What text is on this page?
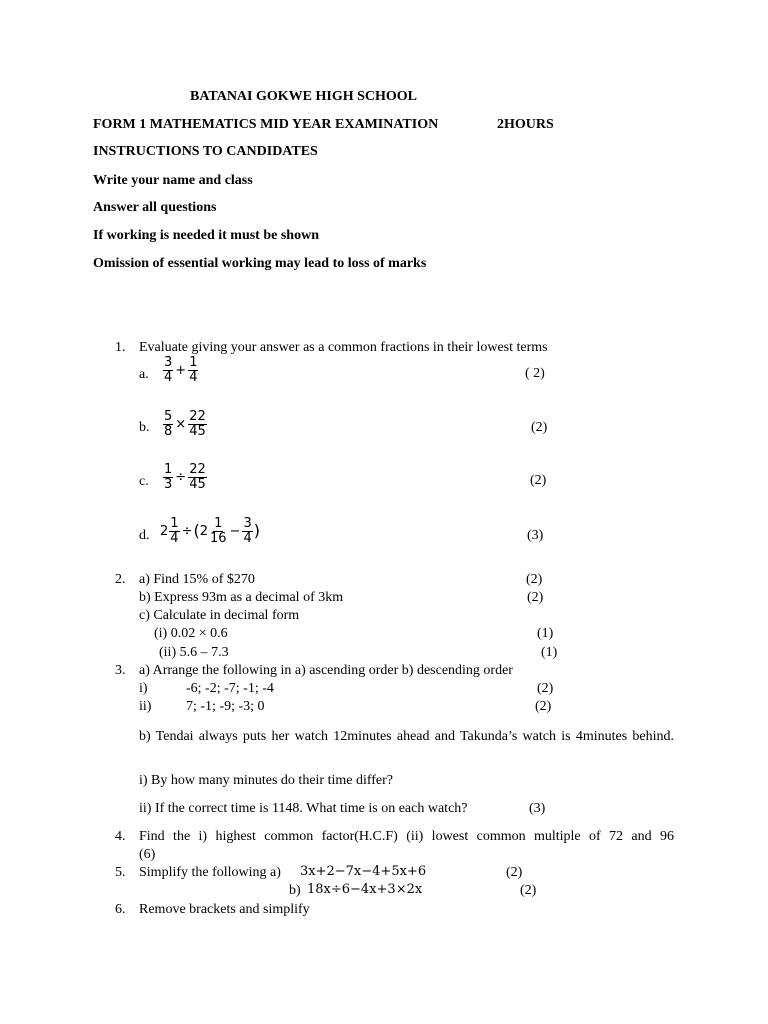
BATANAI GOKWE HIGH SCHOOL
FORM 1 MATHEMATICS MID YEAR EXAMINATION	2HOURS
INSTRUCTIONS TO CANDIDATES
Write your name and class
Answer all questions
If working is needed it must be shown
Omission of essential working may lead to loss of marks
1. Evaluate giving your answer as a common fractions in their lowest terms
a. $\frac{3}{4} + \frac{1}{4}$	( 2)
b. $\frac{5}{8} \times \frac{22}{45}$	(2)
c. $\frac{1}{3} \div \frac{22}{45}$	(2)
d. $2 \frac{1}{4}$ ÷ ( $2 \frac{1}{16} - \frac{3}{4}$ )	(3)
2. a) Find 15% of $270	(2)
b) Express 93m as a decimal of 3km	(2)
c) Calculate in decimal form
(i) 0.02 × 0.6	(1)
(ii) 5.6 – 7.3	(1)
3. a) Arrange the following in a) ascending order b) descending order
i)	-6; -2; -7; -1; -4	(2)
ii) 7; -1; -9; -3; 0	(2)
b) Tendai always puts her watch 12minutes ahead and Takunda’s watch is 4minutes behind.
i) By how many minutes do their time differ?
ii) If the correct time is 1148. What time is on each watch?	(3)
4. Find the i) highest common factor(H.C.F) (ii) lowest common multiple of 72 and 96
(6)
5. Simplify the following a) 3x+2−7x−4+5x+6	(2)
b) 18x÷6−4x+3×2x	(2)
6. Remove brackets and simplify
